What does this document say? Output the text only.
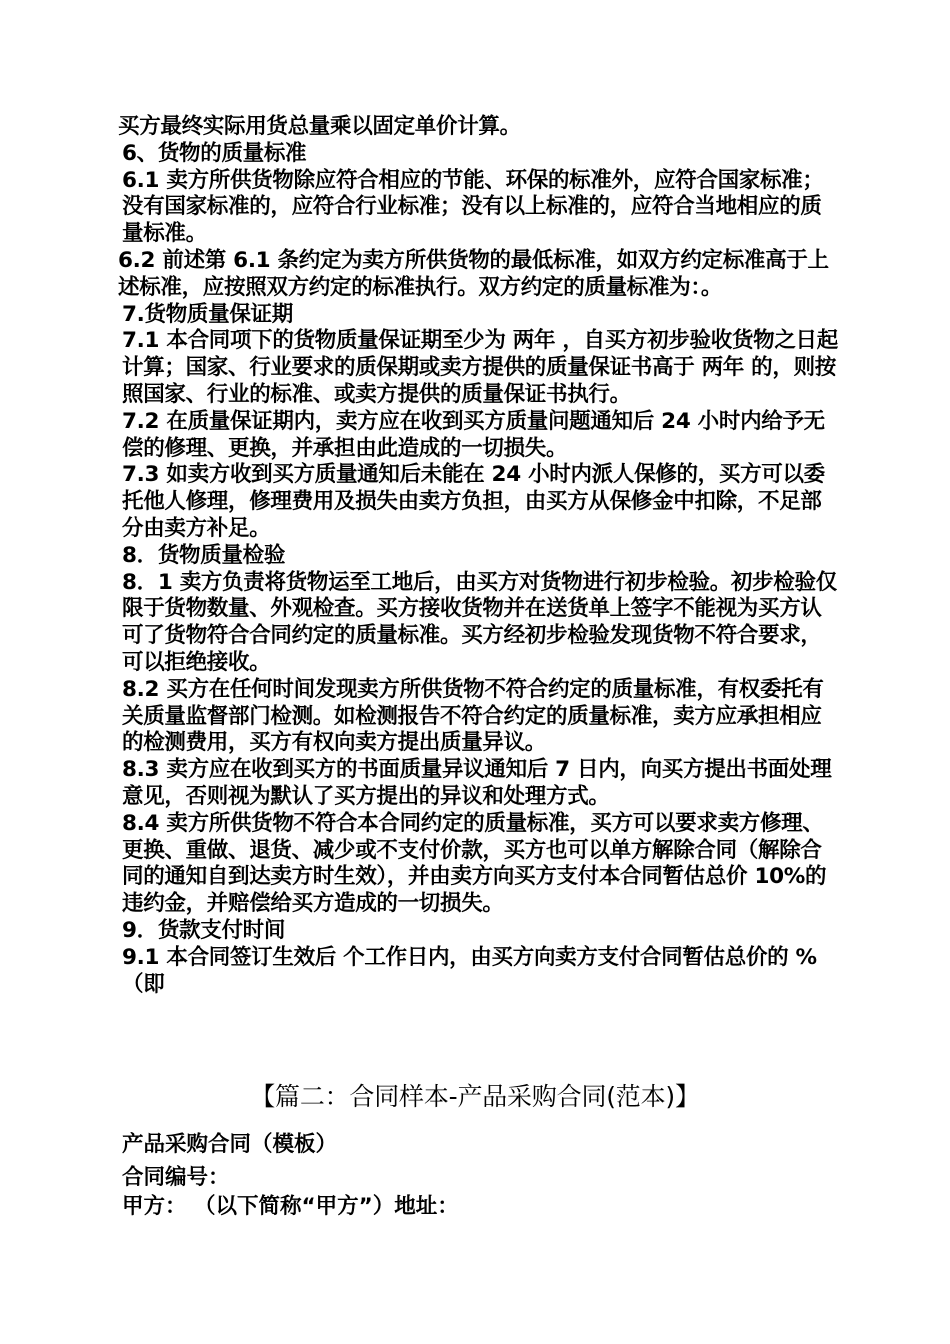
买方最终实际用货总量乘以固定单价计算。

6、货物的质量标准

6.1 卖方所供货物除应符合相应的节能、环保的标准外，应符合国家标准；没有国家标准的，应符合行业标准；没有以上标准的，应符合当地相应的质量标准。

6.2 前述第 6.1 条约定为卖方所供货物的最低标准，如双方约定标准高于上述标准，应按照双方约定的标准执行。双方约定的质量标准为：。

7.货物质量保证期

7.1 本合同项下的货物质量保证期至少为 两年 ，自买方初步验收货物之日起计算；国家、行业要求的质保期或卖方提供的质量保证书高于 两年 的，则按照国家、行业的标准、或卖方提供的质量保证书执行。

7.2 在质量保证期内，卖方应在收到买方质量问题通知后 24 小时内给予无偿的修理、更换，并承担由此造成的一切损失。

7.3 如卖方收到买方质量通知后未能在 24 小时内派人保修的，买方可以委托他人修理，修理费用及损失由卖方负担，由买方从保修金中扣除，不足部分由卖方补足。

8．货物质量检验

8．1 卖方负责将货物运至工地后，由买方对货物进行初步检验。初步检验仅限于货物数量、外观检查。买方接收货物并在送货单上签字不能视为买方认可了货物符合合同约定的质量标准。买方经初步检验发现货物不符合要求，可以拒绝接收。

8.2 买方在任何时间发现卖方所供货物不符合约定的质量标准，有权委托有关质量监督部门检测。如检测报告不符合约定的质量标准，卖方应承担相应的检测费用，买方有权向卖方提出质量异议。

8.3 卖方应在收到买方的书面质量异议通知后 7 日内，向买方提出书面处理意见，否则视为默认了买方提出的异议和处理方式。

8.4 卖方所供货物不符合本合同约定的质量标准，买方可以要求卖方修理、更换、重做、退货、减少或不支付价款，买方也可以单方解除合同（解除合同的通知自到达卖方时生效），并由卖方向买方支付本合同暂估总价 10%的违约金，并赔偿给买方造成的一切损失。

9．货款支付时间

9.1 本合同签订生效后 个工作日内，由买方向卖方支付合同暂估总价的 % （即

【篇二：合同样本-产品采购合同(范本)】

产品采购合同（模板）

合同编号：

甲方： （以下简称“甲方”）地址：
